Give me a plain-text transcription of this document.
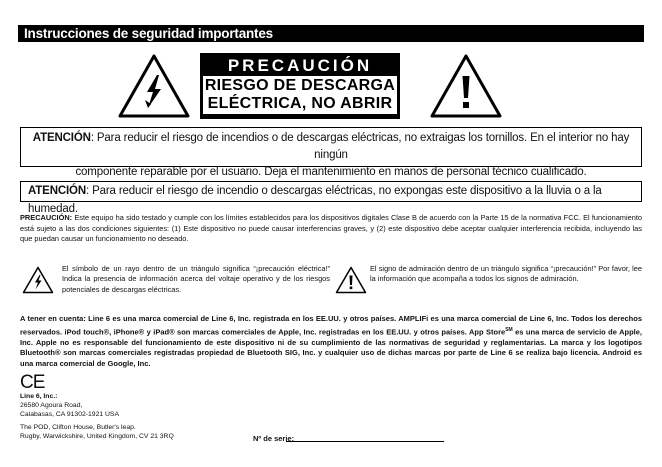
Instrucciones de seguridad importantes
PRECAUCIÓN
RIESGO DE DESCARGA
ELÉCTRICA, NO ABRIR
ATENCIÓN: Para reducir el riesgo de incendios o de descargas eléctricas, no extraigas los tornillos. En el interior no hay ningún
componente reparable por el usuario. Deja el mantenimiento en manos de personal técnico cualificado.
ATENCIÓN: Para reducir el riesgo de incendio o descargas eléctricas, no expongas este dispositivo a la lluvia o a la humedad.
PRECAUCIÓN: Este equipo ha sido testado y cumple con los límites establecidos para los dispositivos digitales Clase B de acuerdo con la Parte 15 de la normativa FCC. El funcionamiento está sujeto a las dos condiciones siguientes: (1) Este dispositivo no puede causar interferencias graves, y (2) este dispositivo debe aceptar cualquier interferencia recibida, incluyendo las que puedan causar un funcionamiento no deseado.
El símbolo de un rayo dentro de un triángulo significa “¡precaución eléctrica!” Indica la presencia de información acerca del voltaje operativo y de los riesgos potenciales de descargas eléctricas.
El signo de admiración dentro de un triángulo significa “¡precaución!” Por favor, lee la información que acompaña a todos los signos de admiración.
A tener en cuenta: Line 6 es una marca comercial de Line 6, Inc. registrada en los EE.UU. y otros países. AMPLIFi es una marca comercial de Line 6, Inc. Todos los derechos reservados. iPod touch®, iPhone® y iPad® son marcas comerciales de Apple, Inc. registradas en los EE.UU. y otros países. App Store℠ es una marca de servicio de Apple, Inc. Apple no es responsable del funcionamiento de este dispositivo ni de su cumplimiento de las normativas de seguridad y reglamentarias. La marca y los logotipos Bluetooth® son marcas comerciales registradas propiedad de Bluetooth SIG, Inc. y cualquier uso de dichas marcas por parte de Line 6 se realiza bajo licencia. Android es una marca comercial de Google, Inc.
CE
Line 6, Inc.:
26580 Agoura Road,
Calabasas, CA 91302-1921 USA
The POD, Clifton House, Butler's leap.
Rugby, Warwickshire, United Kingdom, CV 21 3RQ	Nº de serie:
